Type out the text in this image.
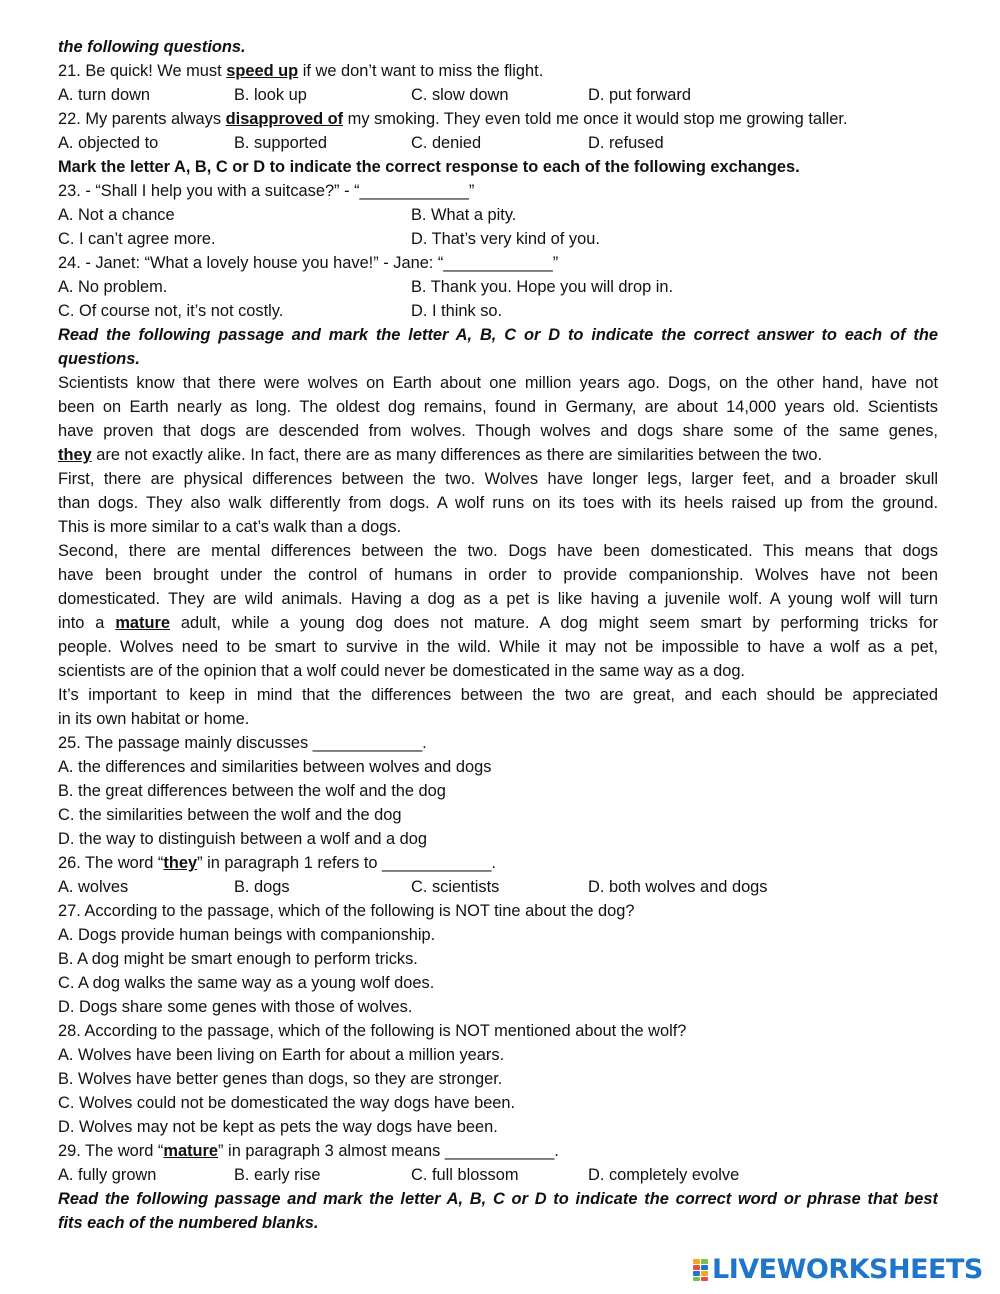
the following questions.
21. Be quick! We must speed up if we don’t want to miss the flight.
A. turn down	B. look up	C. slow down	D. put forward
22. My parents always disapproved of my smoking. They even told me once it would stop me growing taller.
A. objected to	B. supported	C. denied	D. refused
Mark the letter A, B, C or D to indicate the correct response to each of the following exchanges.
23. - “Shall I help you with a suitcase?” - “____________”
A. Not a chance	B. What a pity.
C. I can’t agree more.	D. That’s very kind of you.
24. - Janet: “What a lovely house you have!” - Jane: “____________”
A. No problem.	B. Thank you. Hope you will drop in.
C. Of course not, it’s not costly.	D. I think so.
Read the following passage and mark the letter A, B, C or D to indicate the correct answer to each of the
questions.
Scientists know that there were wolves on Earth about one million years ago. Dogs, on the other hand, have not
been on Earth nearly as long. The oldest dog remains, found in Germany, are about 14,000 years old. Scientists
have proven that dogs are descended from wolves. Though wolves and dogs share some of the same genes,
they are not exactly alike. In fact, there are as many differences as there are similarities between the two.
First, there are physical differences between the two. Wolves have longer legs, larger feet, and a broader skull
than dogs. They also walk differently from dogs. A wolf runs on its toes with its heels raised up from the ground.
This is more similar to a cat’s walk than a dogs.
Second, there are mental differences between the two. Dogs have been domesticated. This means that dogs
have been brought under the control of humans in order to provide companionship. Wolves have not been
domesticated. They are wild animals. Having a dog as a pet is like having a juvenile wolf. A young wolf will turn
into a mature adult, while a young dog does not mature. A dog might seem smart by performing tricks for
people. Wolves need to be smart to survive in the wild. While it may not be impossible to have a wolf as a pet,
scientists are of the opinion that a wolf could never be domesticated in the same way as a dog.
It’s important to keep in mind that the differences between the two are great, and each should be appreciated
in its own habitat or home.
25. The passage mainly discusses ____________.
A. the differences and similarities between wolves and dogs
B. the great differences between the wolf and the dog
C. the similarities between the wolf and the dog
D. the way to distinguish between a wolf and a dog
26. The word “they” in paragraph 1 refers to ____________.
A. wolves	B. dogs	C. scientists	D. both wolves and dogs
27. According to the passage, which of the following is NOT tine about the dog?
A. Dogs provide human beings with companionship.
B. A dog might be smart enough to perform tricks.
C. A dog walks the same way as a young wolf does.
D. Dogs share some genes with those of wolves.
28. According to the passage, which of the following is NOT mentioned about the wolf?
A. Wolves have been living on Earth for about a million years.
B. Wolves have better genes than dogs, so they are stronger.
C. Wolves could not be domesticated the way dogs have been.
D. Wolves may not be kept as pets the way dogs have been.
29. The word “mature” in paragraph 3 almost means ____________.
A. fully grown	B. early rise	C. full blossom	D. completely evolve
Read the following passage and mark the letter A, B, C or D to indicate the correct word or phrase that best
fits each of the numbered blanks.
LIVEWORKSHEETS
